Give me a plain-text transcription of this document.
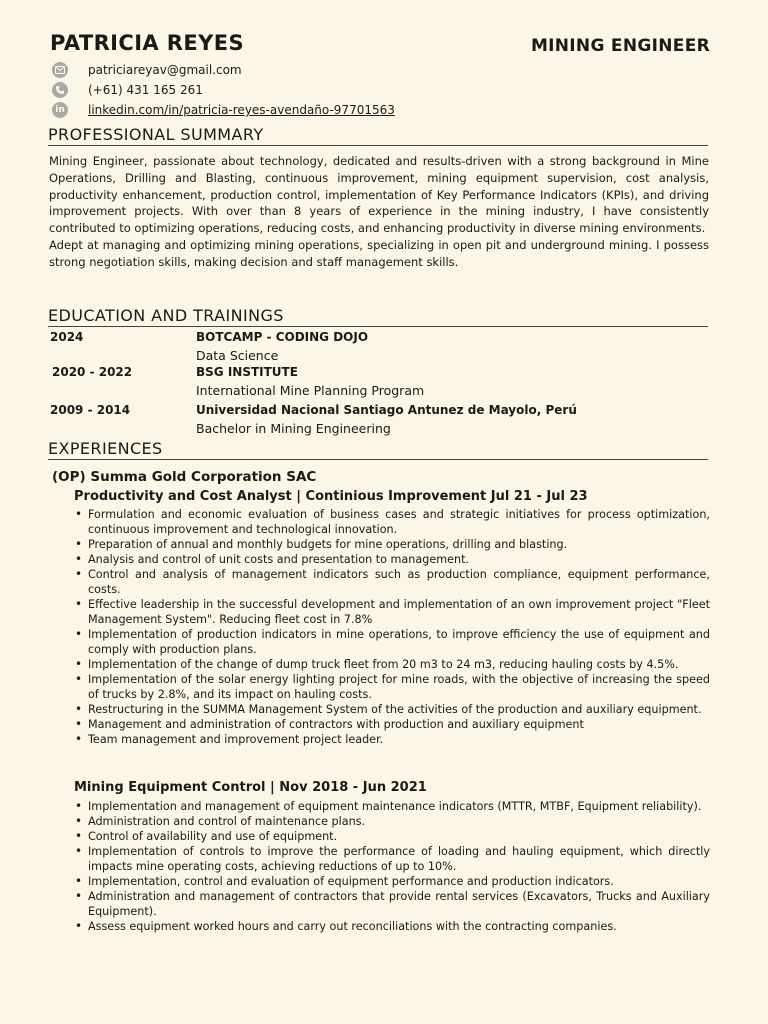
PATRICIA REYES	MINING ENGINEER
patriciareyav@gmail.com
(+61) 431 165 261
in linkedin.com/in/patricia-reyes-avendaño-97701563
PROFESSIONAL SUMMARY

Mining Engineer, passionate about technology, dedicated and results-driven with a strong background in Mine Operations, Drilling and Blasting, continuous improvement, mining equipment supervision, cost analysis, productivity enhancement, production control, implementation of Key Performance Indicators (KPIs), and driving improvement projects. With over than 8 years of experience in the mining industry, I have consistently contributed to optimizing operations, reducing costs, and enhancing productivity in diverse mining environments.

Adept at managing and optimizing mining operations, specializing in open pit and underground mining. I possess strong negotiation skills, making decision and staff management skills.

EDUCATION AND TRAININGS
2024	BOTCAMP - CODING DOJO
Data Science
2020 - 2022	BSG INSTITUTE
International Mine Planning Program
2009 - 2014	Universidad Nacional Santiago Antunez de Mayolo, Perú
Bachelor in Mining Engineering
EXPERIENCES
(OP) Summa Gold Corporation SAC
Productivity and Cost Analyst | Continious Improvement Jul 21 - Jul 23
• Formulation and economic evaluation of business cases and strategic initiatives for process optimization, continuous improvement and technological innovation.
• Preparation of annual and monthly budgets for mine operations, drilling and blasting.
• Analysis and control of unit costs and presentation to management.
• Control and analysis of management indicators such as production compliance, equipment performance, costs.
• Effective leadership in the successful development and implementation of an own improvement project "Fleet Management System". Reducing fleet cost in 7.8%
• Implementation of production indicators in mine operations, to improve efficiency the use of equipment and comply with production plans.
• Implementation of the change of dump truck fleet from 20 m3 to 24 m3, reducing hauling costs by 4.5%.
• Implementation of the solar energy lighting project for mine roads, with the objective of increasing the speed of trucks by 2.8%, and its impact on hauling costs.
• Restructuring in the SUMMA Management System of the activities of the production and auxiliary equipment.
• Management and administration of contractors with production and auxiliary equipment
• Team management and improvement project leader.
Mining Equipment Control | Nov 2018 - Jun 2021
• Implementation and management of equipment maintenance indicators (MTTR, MTBF, Equipment reliability).
• Administration and control of maintenance plans.
• Control of availability and use of equipment.
• Implementation of controls to improve the performance of loading and hauling equipment, which directly impacts mine operating costs, achieving reductions of up to 10%.
• Implementation, control and evaluation of equipment performance and production indicators.
• Administration and management of contractors that provide rental services (Excavators, Trucks and Auxiliary Equipment).
• Assess equipment worked hours and carry out reconciliations with the contracting companies.
